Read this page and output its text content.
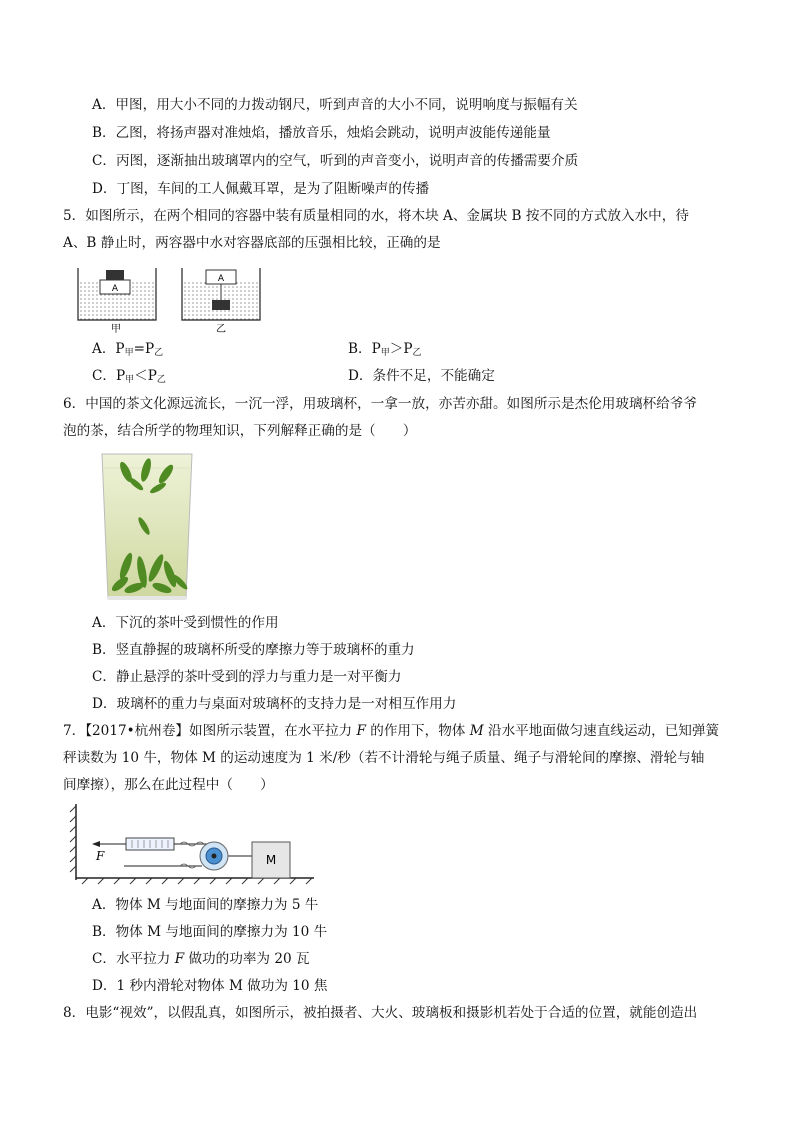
A．甲图，用大小不同的力拨动钢尺，听到声音的大小不同，说明响度与振幅有关
B．乙图，将扬声器对准烛焰，播放音乐，烛焰会跳动，说明声波能传递能量
C．丙图，逐渐抽出玻璃罩内的空气，听到的声音变小，说明声音的传播需要介质
D．丁图，车间的工人佩戴耳罩，是为了阻断噪声的传播
5．如图所示，在两个相同的容器中装有质量相同的水，将木块 A、金属块 B 按不同的方式放入水中，待
A、B 静止时，两容器中水对容器底部的压强相比较，正确的是
A
A
甲	乙
A．$P_甲=P_乙$	B．$P_甲>P_乙$
C．$P_甲<P_乙$	D．条件不足，不能确定
6．中国的茶文化源远流长，一沉一浮，用玻璃杯，一拿一放，亦苦亦甜。如图所示是杰伦用玻璃杯给爷爷
泡的茶，结合所学的物理知识，下列解释正确的是（　　）
A．下沉的茶叶受到惯性的作用
B．竖直静握的玻璃杯所受的摩擦力等于玻璃杯的重力
C．静止悬浮的茶叶受到的浮力与重力是一对平衡力
D．玻璃杯的重力与桌面对玻璃杯的支持力是一对相互作用力
7．【2017•杭州卷】如图所示装置，在水平拉力 F 的作用下，物体 M 沿水平地面做匀速直线运动，已知弹簧
秤读数为 10 牛，物体 M 的运动速度为 1 米/秒（若不计滑轮与绳子质量、绳子与滑轮间的摩擦、滑轮与轴
间摩擦），那么在此过程中（　　）
F	M
A．物体 M 与地面间的摩擦力为 5 牛
B．物体 M 与地面间的摩擦力为 10 牛
C．水平拉力 F 做功的功率为 20 瓦
D．1 秒内滑轮对物体 M 做功为 10 焦
8．电影“视效”，以假乱真，如图所示，被拍摄者、大火、玻璃板和摄影机若处于合适的位置，就能创造出
